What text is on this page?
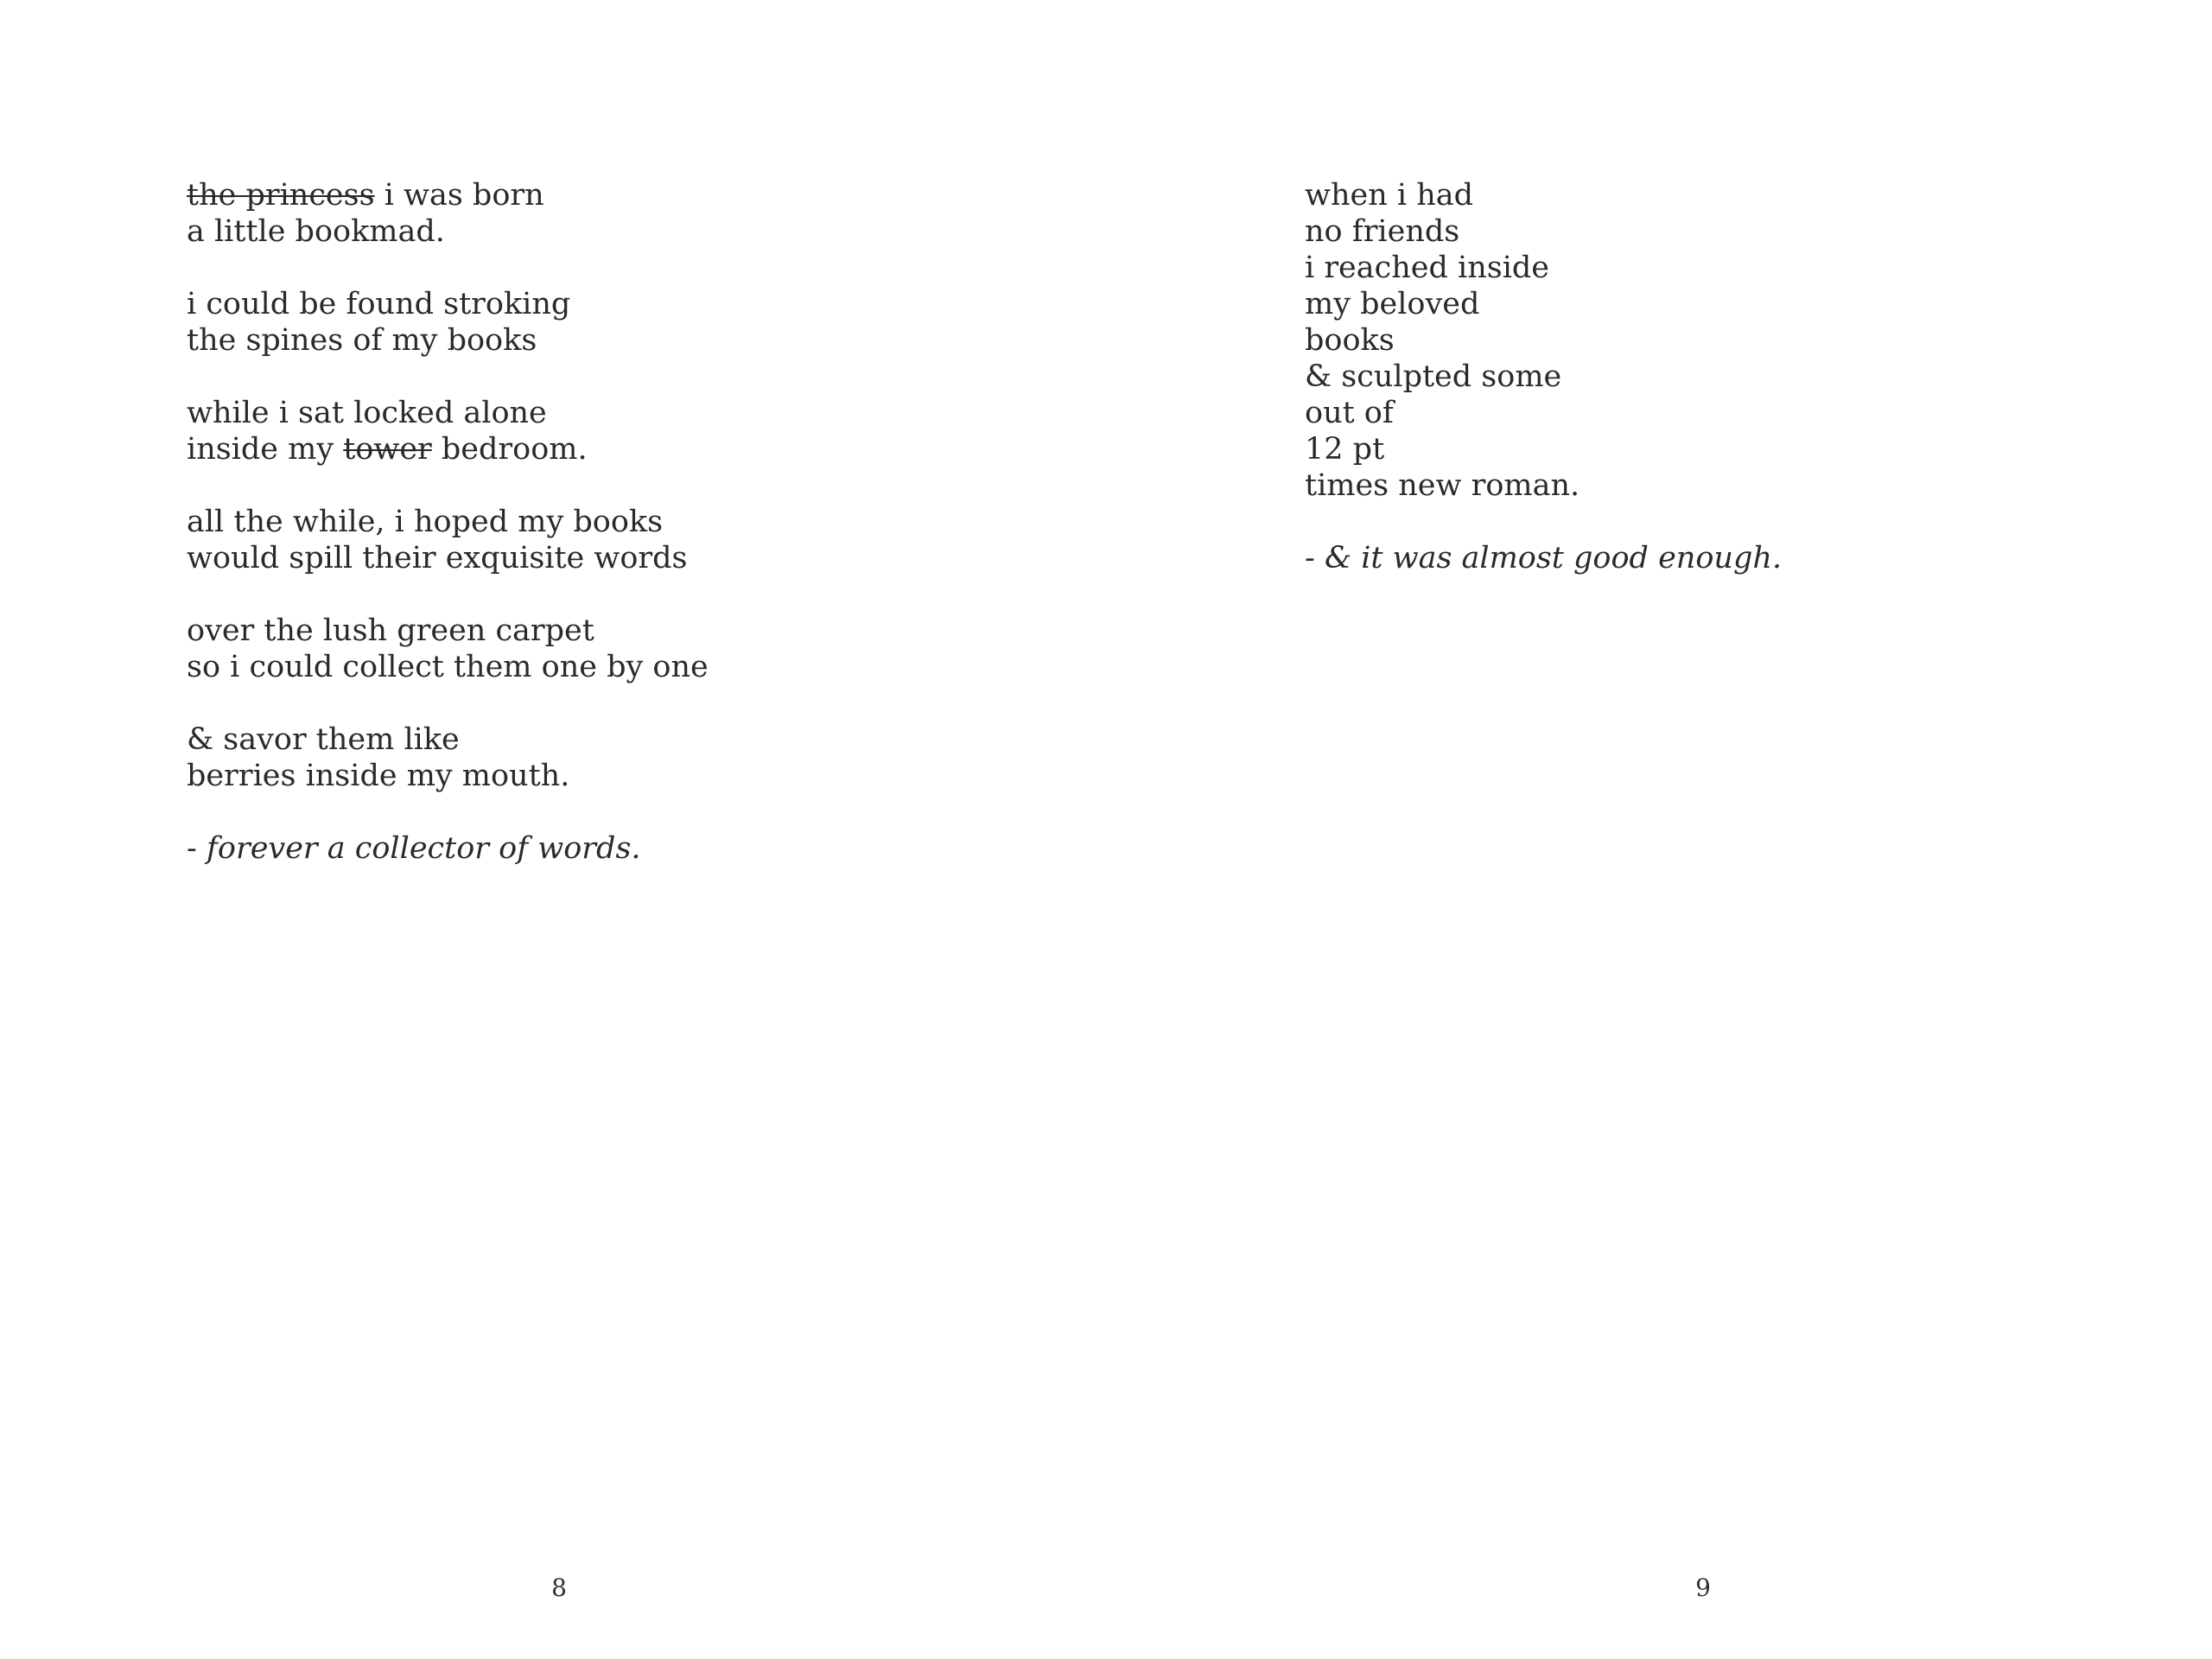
the princess i was born
a little bookmad.
i could be found stroking
the spines of my books
while i sat locked alone
inside my tower bedroom.
all the while, i hoped my books
would spill their exquisite words
over the lush green carpet
so i could collect them one by one
& savor them like
berries inside my mouth.

- forever a collector of words.

8
when i had
no friends
i reached inside
my beloved
books
& sculpted some
out of
12 pt
times new roman.

- & it was almost good enough.

9
